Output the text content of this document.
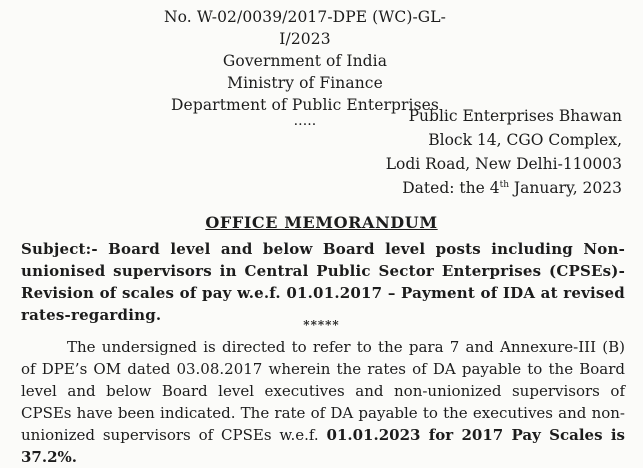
No. W-02/0039/2017-DPE (WC)-GL-I/2023
Government of India
Ministry of Finance
Department of Public Enterprises
.....	Public Enterprises Bhawan
Block 14, CGO Complex,
Lodi Road, New Delhi-110003
Dated: the 4th January, 2023
OFFICE MEMORANDUM
Subject:- Board level and below Board level posts including Non-unionised supervisors in Central Public Sector Enterprises (CPSEs)- Revision of scales of pay w.e.f. 01.01.2017 – Payment of IDA at revised rates-regarding.
*****
The undersigned is directed to refer to the para 7 and Annexure-III (B) of DPE’s OM dated 03.08.2017 wherein the rates of DA payable to the Board level and below Board level executives and non-unionized supervisors of CPSEs have been indicated. The rate of DA payable to the executives and non-unionized supervisors of CPSEs w.e.f. 01.01.2023 for 2017 Pay Scales is 37.2%.
